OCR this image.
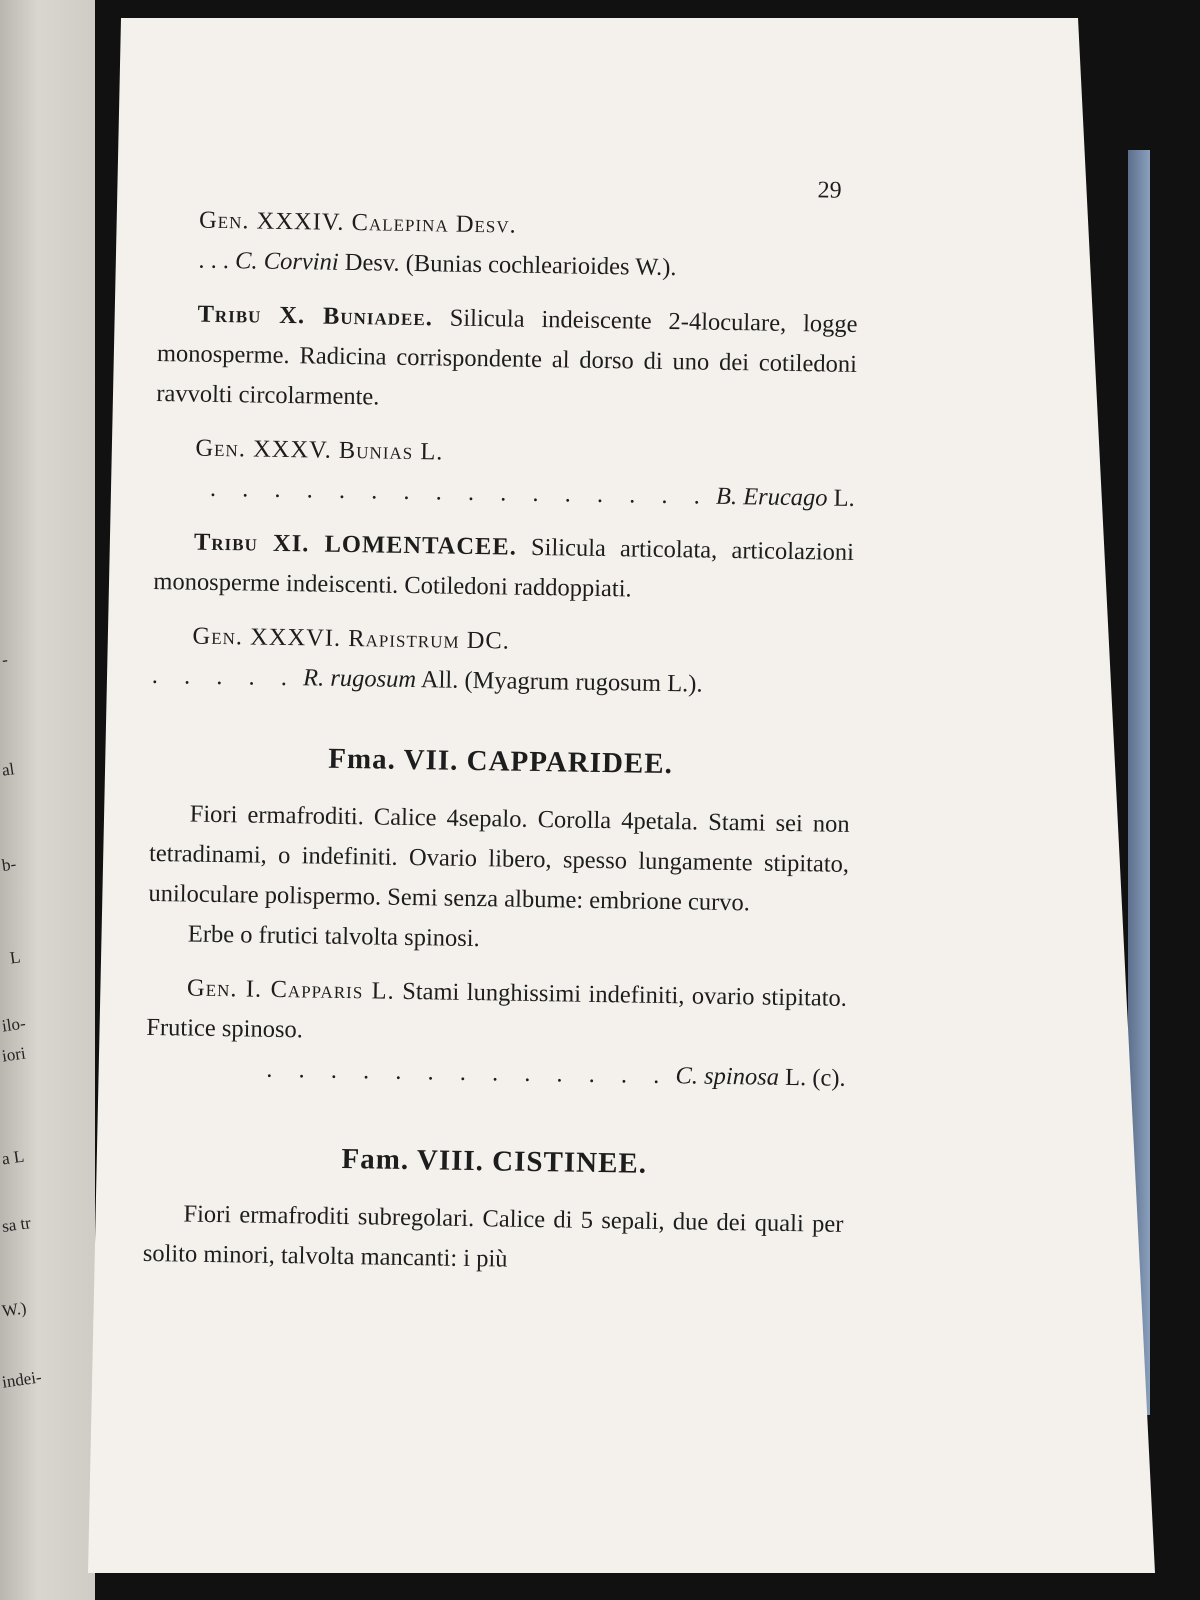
-
al
b-
L
ilo-
iori
a L
sa tr
W.)
indei-
29
Gen. XXXIV. Calepina Desv.
. . . C. Corvini Desv. (Bunias cochlearioides W.).
Tribu X. Buniadee. Silicula indeiscente 2-4loculare, logge monosperme. Radicina corrispondente al dorso di uno dei cotiledoni ravvolti circolarmente.
Gen. XXXV. Bunias L.
. . . . . . . . . . . . . . . . B. Erucago L.
Tribu XI. LOMENTACEE. Silicula articolata, articolazioni monosperme indeiscenti. Cotiledoni raddoppiati.
Gen. XXXVI. Rapistrum DC.
. . . . . R. rugosum All. (Myagrum rugosum L.).
Fma. VII. CAPPARIDEE.
Fiori ermafroditi. Calice 4sepalo. Corolla 4petala. Stami sei non tetradinami, o indefiniti. Ovario libero, spesso lungamente stipitato, uniloculare polispermo. Semi senza albume: embrione curvo.
Erbe o frutici talvolta spinosi.
Gen. I. Capparis L. Stami lunghissimi indefiniti, ovario stipitato. Frutice spinoso.
. . . . . . . . . . . . . C. spinosa L. (c).
Fam. VIII. CISTINEE.
Fiori ermafroditi subregolari. Calice di 5 sepali, due dei quali per solito minori, talvolta mancanti: i più
